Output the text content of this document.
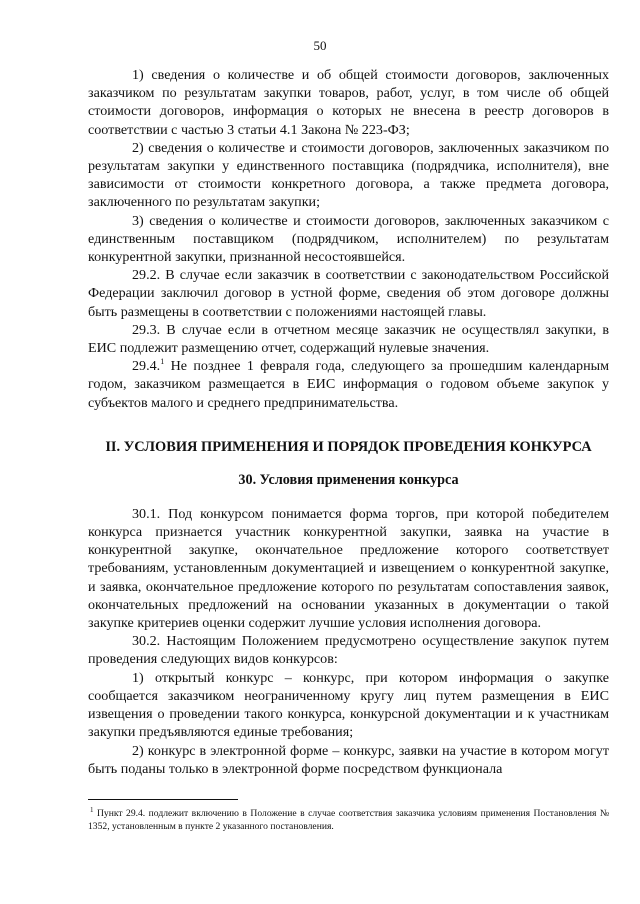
50

1) сведения о количестве и об общей стоимости договоров, заключенных заказчиком по результатам закупки товаров, работ, услуг, в том числе об общей стоимости договоров, информация о которых не внесена в реестр договоров в соответствии с частью 3 статьи 4.1 Закона № 223-ФЗ;

2) сведения о количестве и стоимости договоров, заключенных заказчиком по результатам закупки у единственного поставщика (подрядчика, исполнителя), вне зависимости от стоимости конкретного договора, а также предмета договора, заключенного по результатам закупки;

3) сведения о количестве и стоимости договоров, заключенных заказчиком с единственным поставщиком (подрядчиком, исполнителем) по результатам конкурентной закупки, признанной несостоявшейся.

29.2. В случае если заказчик в соответствии с законодательством Российской Федерации заключил договор в устной форме, сведения об этом договоре должны быть размещены в соответствии с положениями настоящей главы.

29.3. В случае если в отчетном месяце заказчик не осуществлял закупки, в ЕИС подлежит размещению отчет, содержащий нулевые значения.

29.4.$^1$ Не позднее 1 февраля года, следующего за прошедшим календарным годом, заказчиком размещается в ЕИС информация о годовом объеме закупок у субъектов малого и среднего предпринимательства.

II. УСЛОВИЯ ПРИМЕНЕНИЯ И ПОРЯДОК ПРОВЕДЕНИЯ КОНКУРСА
30. Условия применения конкурса

30.1. Под конкурсом понимается форма торгов, при которой победителем конкурса признается участник конкурентной закупки, заявка на участие в конкурентной закупке, окончательное предложение которого соответствует требованиям, установленным документацией и извещением о конкурентной закупке, и заявка, окончательное предложение которого по результатам сопоставления заявок, окончательных предложений на основании указанных в документации о такой закупке критериев оценки содержит лучшие условия исполнения договора.

30.2. Настоящим Положением предусмотрено осуществление закупок путем проведения следующих видов конкурсов:

1) открытый конкурс – конкурс, при котором информация о закупке сообщается заказчиком неограниченному кругу лиц путем размещения в ЕИС извещения о проведении такого конкурса, конкурсной документации и к участникам закупки предъявляются единые требования;

2) конкурс в электронной форме – конкурс, заявки на участие в котором могут быть поданы только в электронной форме посредством функционала

$^1$ Пункт 29.4. подлежит включению в Положение в случае соответствия заказчика условиям применения Постановления № 1352, установленным в пункте 2 указанного постановления.
